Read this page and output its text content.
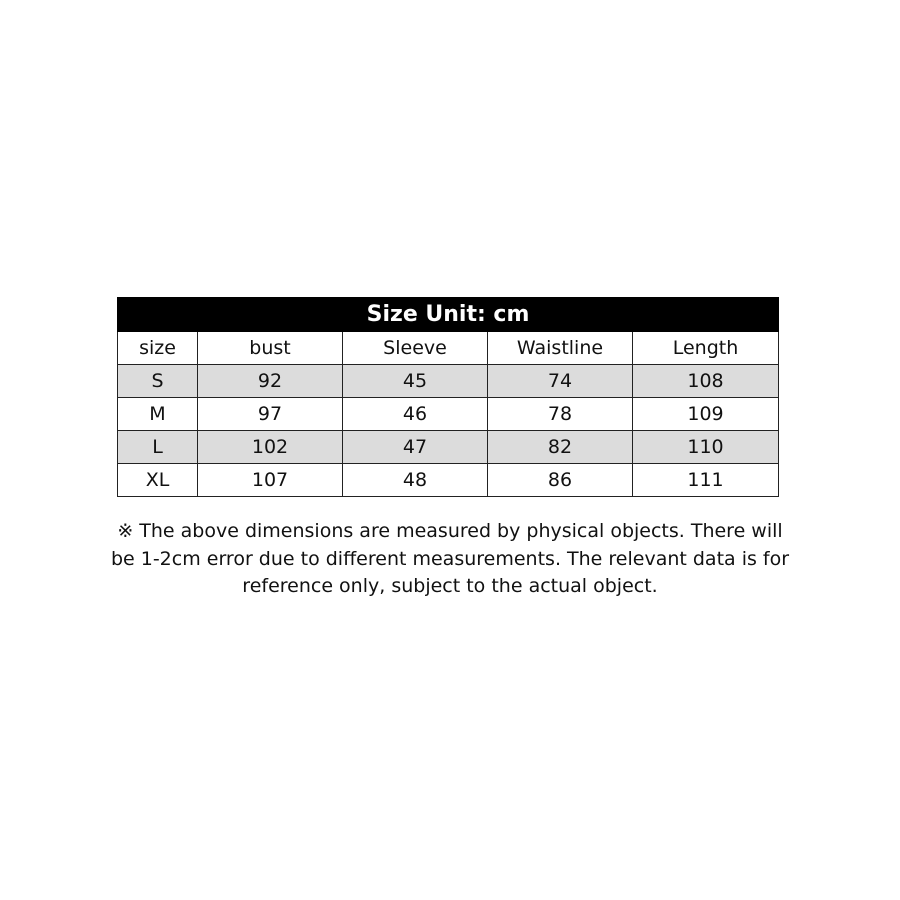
Size Unit: cm				
size	bust	Sleeve	Waistline	Length
S	92	45	74	108
M	97	46	78	109
L	102	47	82	110
XL	107	48	86	111
※ The above dimensions are measured by physical objects. There will
be 1-2cm error due to different measurements. The relevant data is for
reference only, subject to the actual object.
